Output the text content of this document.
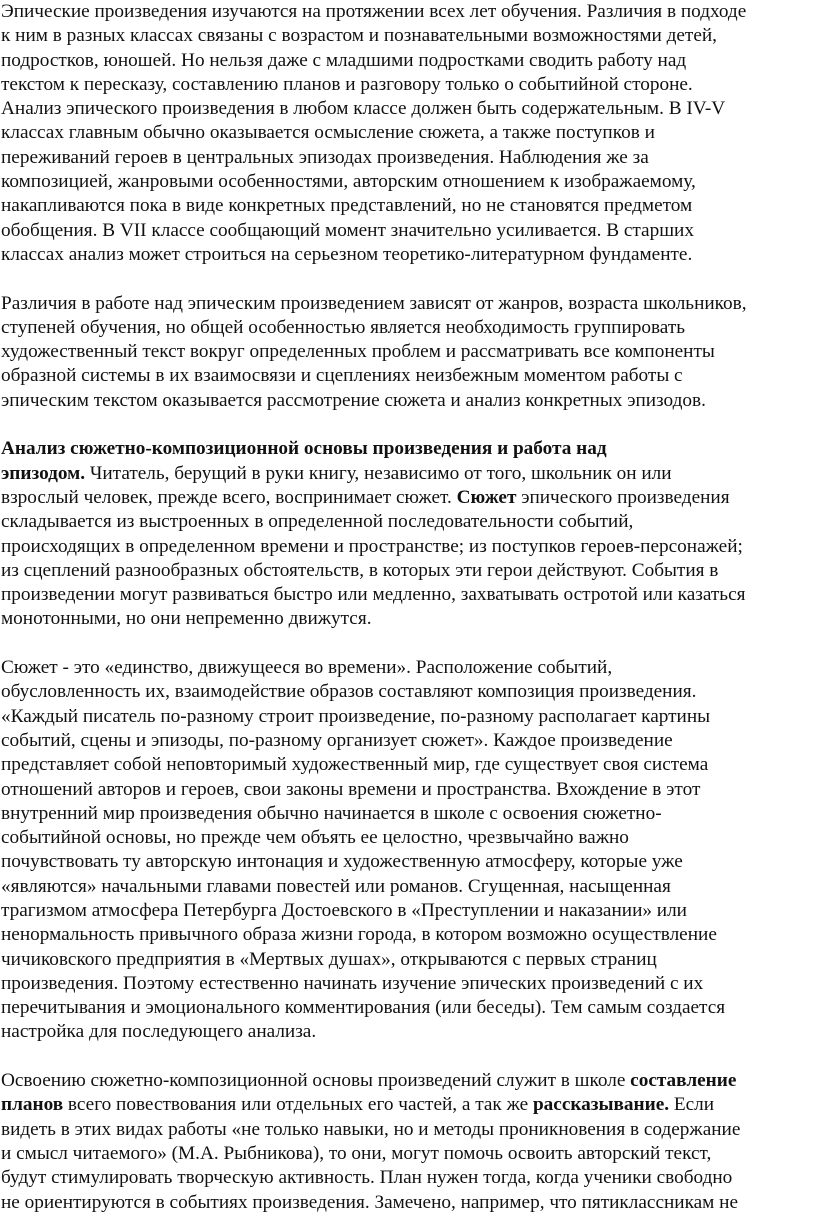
Эпические произведения изучаются на протяжении всех лет обучения. Различия в подходе
к ним в разных классах связаны с возрастом и познавательными возможностями детей,
подростков, юношей. Но нельзя даже с младшими подростками сводить работу над
текстом к пересказу, составлению планов и разговору только о событийной стороне.
Анализ эпического произведения в любом классе должен быть содержательным. В IV-V
классах главным обычно оказывается осмысление сюжета, а также поступков и
переживаний героев в центральных эпизодах произведения. Наблюдения же за
композицией, жанровыми особенностями, авторским отношением к изображаемому,
накапливаются пока в виде конкретных представлений, но не становятся предметом
обобщения. В VII классе сообщающий момент значительно усиливается. В старших
классах анализ может строиться на серьезном теоретико-литературном фундаменте.
Различия в работе над эпическим произведением зависят от жанров, возраста школьников,
ступеней обучения, но общей особенностью является необходимость группировать
художественный текст вокруг определенных проблем и рассматривать все компоненты
образной системы в их взаимосвязи и сцеплениях неизбежным моментом работы с
эпическим текстом оказывается рассмотрение сюжета и анализ конкретных эпизодов.
Анализ сюжетно-композиционной основы произведения и работа над
эпизодом. Читатель, берущий в руки книгу, независимо от того, школьник он или
взрослый человек, прежде всего, воспринимает сюжет. Сюжет эпического произведения
складывается из выстроенных в определенной последовательности событий,
происходящих в определенном времени и пространстве; из поступков героев-персонажей;
из сцеплений разнообразных обстоятельств, в которых эти герои действуют. События в
произведении могут развиваться быстро или медленно, захватывать остротой или казаться
монотонными, но они непременно движутся.
Сюжет - это «единство, движущееся во времени». Расположение событий,
обусловленность их, взаимодействие образов составляют композиция произведения.
«Каждый писатель по-разному строит произведение, по-разному располагает картины
событий, сцены и эпизоды, по-разному организует сюжет». Каждое произведение
представляет собой неповторимый художественный мир, где существует своя система
отношений авторов и героев, свои законы времени и пространства. Вхождение в этот
внутренний мир произведения обычно начинается в школе с освоения сюжетно-
событийной основы, но прежде чем объять ее целостно, чрезвычайно важно
почувствовать ту авторскую интонация и художественную атмосферу, которые уже
«являются» начальными главами повестей или романов. Сгущенная, насыщенная
трагизмом атмосфера Петербурга Достоевского в «Преступлении и наказании» или
ненормальность привычного образа жизни города, в котором возможно осуществление
чичиковского предприятия в «Мертвых душах», открываются с первых страниц
произведения. Поэтому естественно начинать изучение эпических произведений с их
перечитывания и эмоционального комментирования (или беседы). Тем самым создается
настройка для последующего анализа.
Освоению сюжетно-композиционной основы произведений служит в школе составление
планов всего повествования или отдельных его частей, а так же рассказывание. Если
видеть в этих видах работы «не только навыки, но и методы проникновения в содержание
и смысл читаемого» (М.А. Рыбникова), то они, могут помочь освоить авторский текст,
будут стимулировать творческую активность. План нужен тогда, когда ученики свободно
не ориентируются в событиях произведения. Замечено, например, что пятиклассникам не
